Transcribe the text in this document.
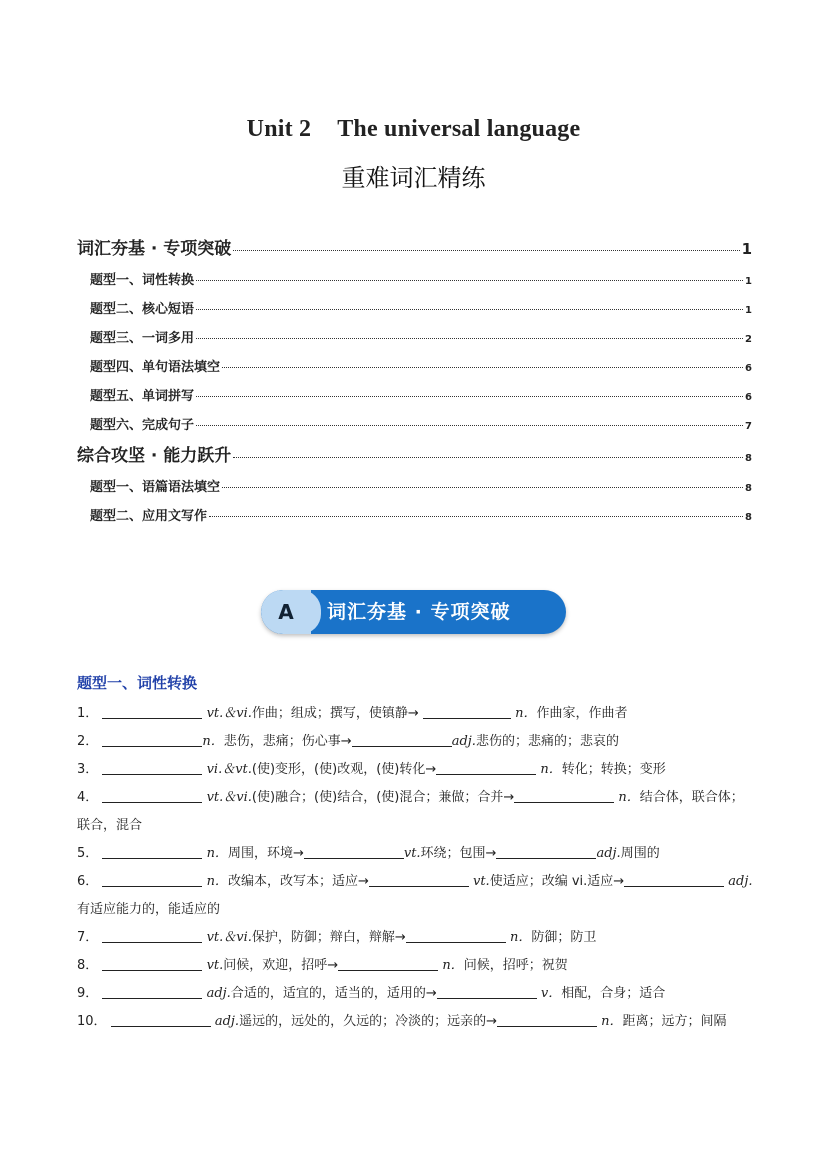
Unit 2 The universal language
重难词汇精练
词汇夯基 · 专项突破	1
题型一、词性转换	1
题型二、核心短语	1
题型三、一词多用	2
题型四、单句语法填空	6
题型五、单词拼写	6
题型六、完成句子	7
综合攻坚 · 能力跃升	8
题型一、语篇语法填空	8
题型二、应用文写作	8
A	词汇夯基 · 专项突破
题型一、词性转换
1．	vt.＆vi.作曲；组成；撰写，使镇静→	n．作曲家，作曲者
2．	n．悲伤，悲痛；伤心事→	adj.悲伤的；悲痛的；悲哀的
3．	vi.＆vt.(使)变形，(使)改观，(使)转化→	n．转化；转换；变形
4．	vt.＆vi.(使)融合；(使)结合，(使)混合；兼做；合并→	n．结合体，联合体；联合，混合
5．	n．周围，环境→	vt.环绕；包围→	adj.周围的
6．	n．改编本，改写本；适应→	vt.使适应；改编 vi.适应→	adj.有适应能力的，能适应的
7．	vt.＆vi.保护，防御；辩白，辩解→	n．防御；防卫
8．	vt.问候，欢迎，招呼→	n．问候，招呼；祝贺
9．	adj.合适的，适宜的，适当的，适用的→	v．相配，合身；适合
10．	adj.遥远的，远处的，久远的；冷淡的；远亲的→	n．距离；远方；间隔
